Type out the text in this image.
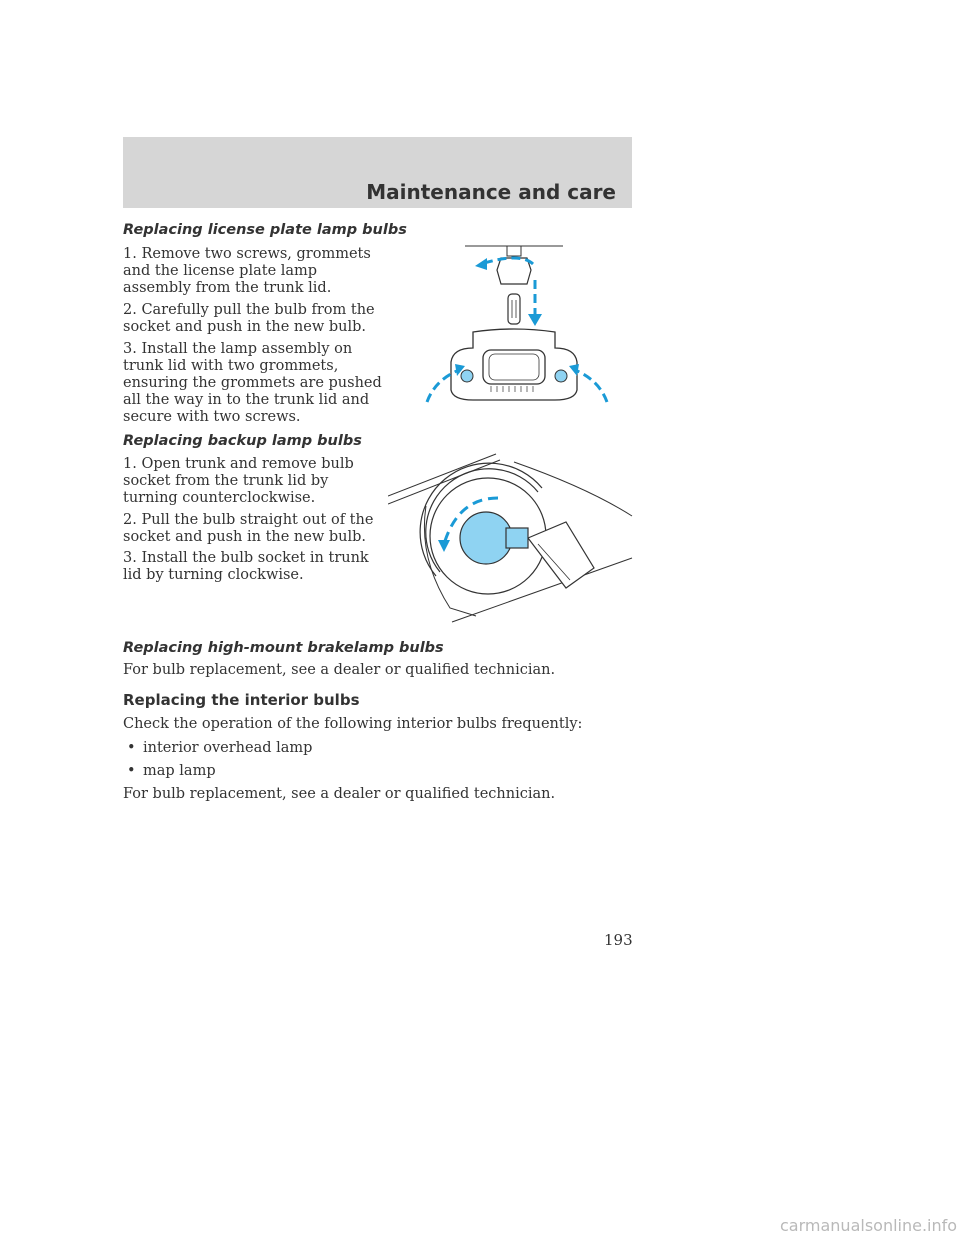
Maintenance and care
Replacing license plate lamp bulbs
1. Remove two screws, grommets and the license plate lamp assembly from the trunk lid.
2. Carefully pull the bulb from the socket and push in the new bulb.
3. Install the lamp assembly on trunk lid with two grommets, ensuring the grommets are pushed all the way in to the trunk lid and secure with two screws.
Replacing backup lamp bulbs
1. Open trunk and remove bulb socket from the trunk lid by turning counterclockwise.
2. Pull the bulb straight out of the socket and push in the new bulb.
3. Install the bulb socket in trunk lid by turning clockwise.
Replacing high-mount brakelamp bulbs
For bulb replacement, see a dealer or qualified technician.
Replacing the interior bulbs
Check the operation of the following interior bulbs frequently:
• interior overhead lamp
• map lamp
For bulb replacement, see a dealer or qualified technician.
193
carmanualsonline.info
